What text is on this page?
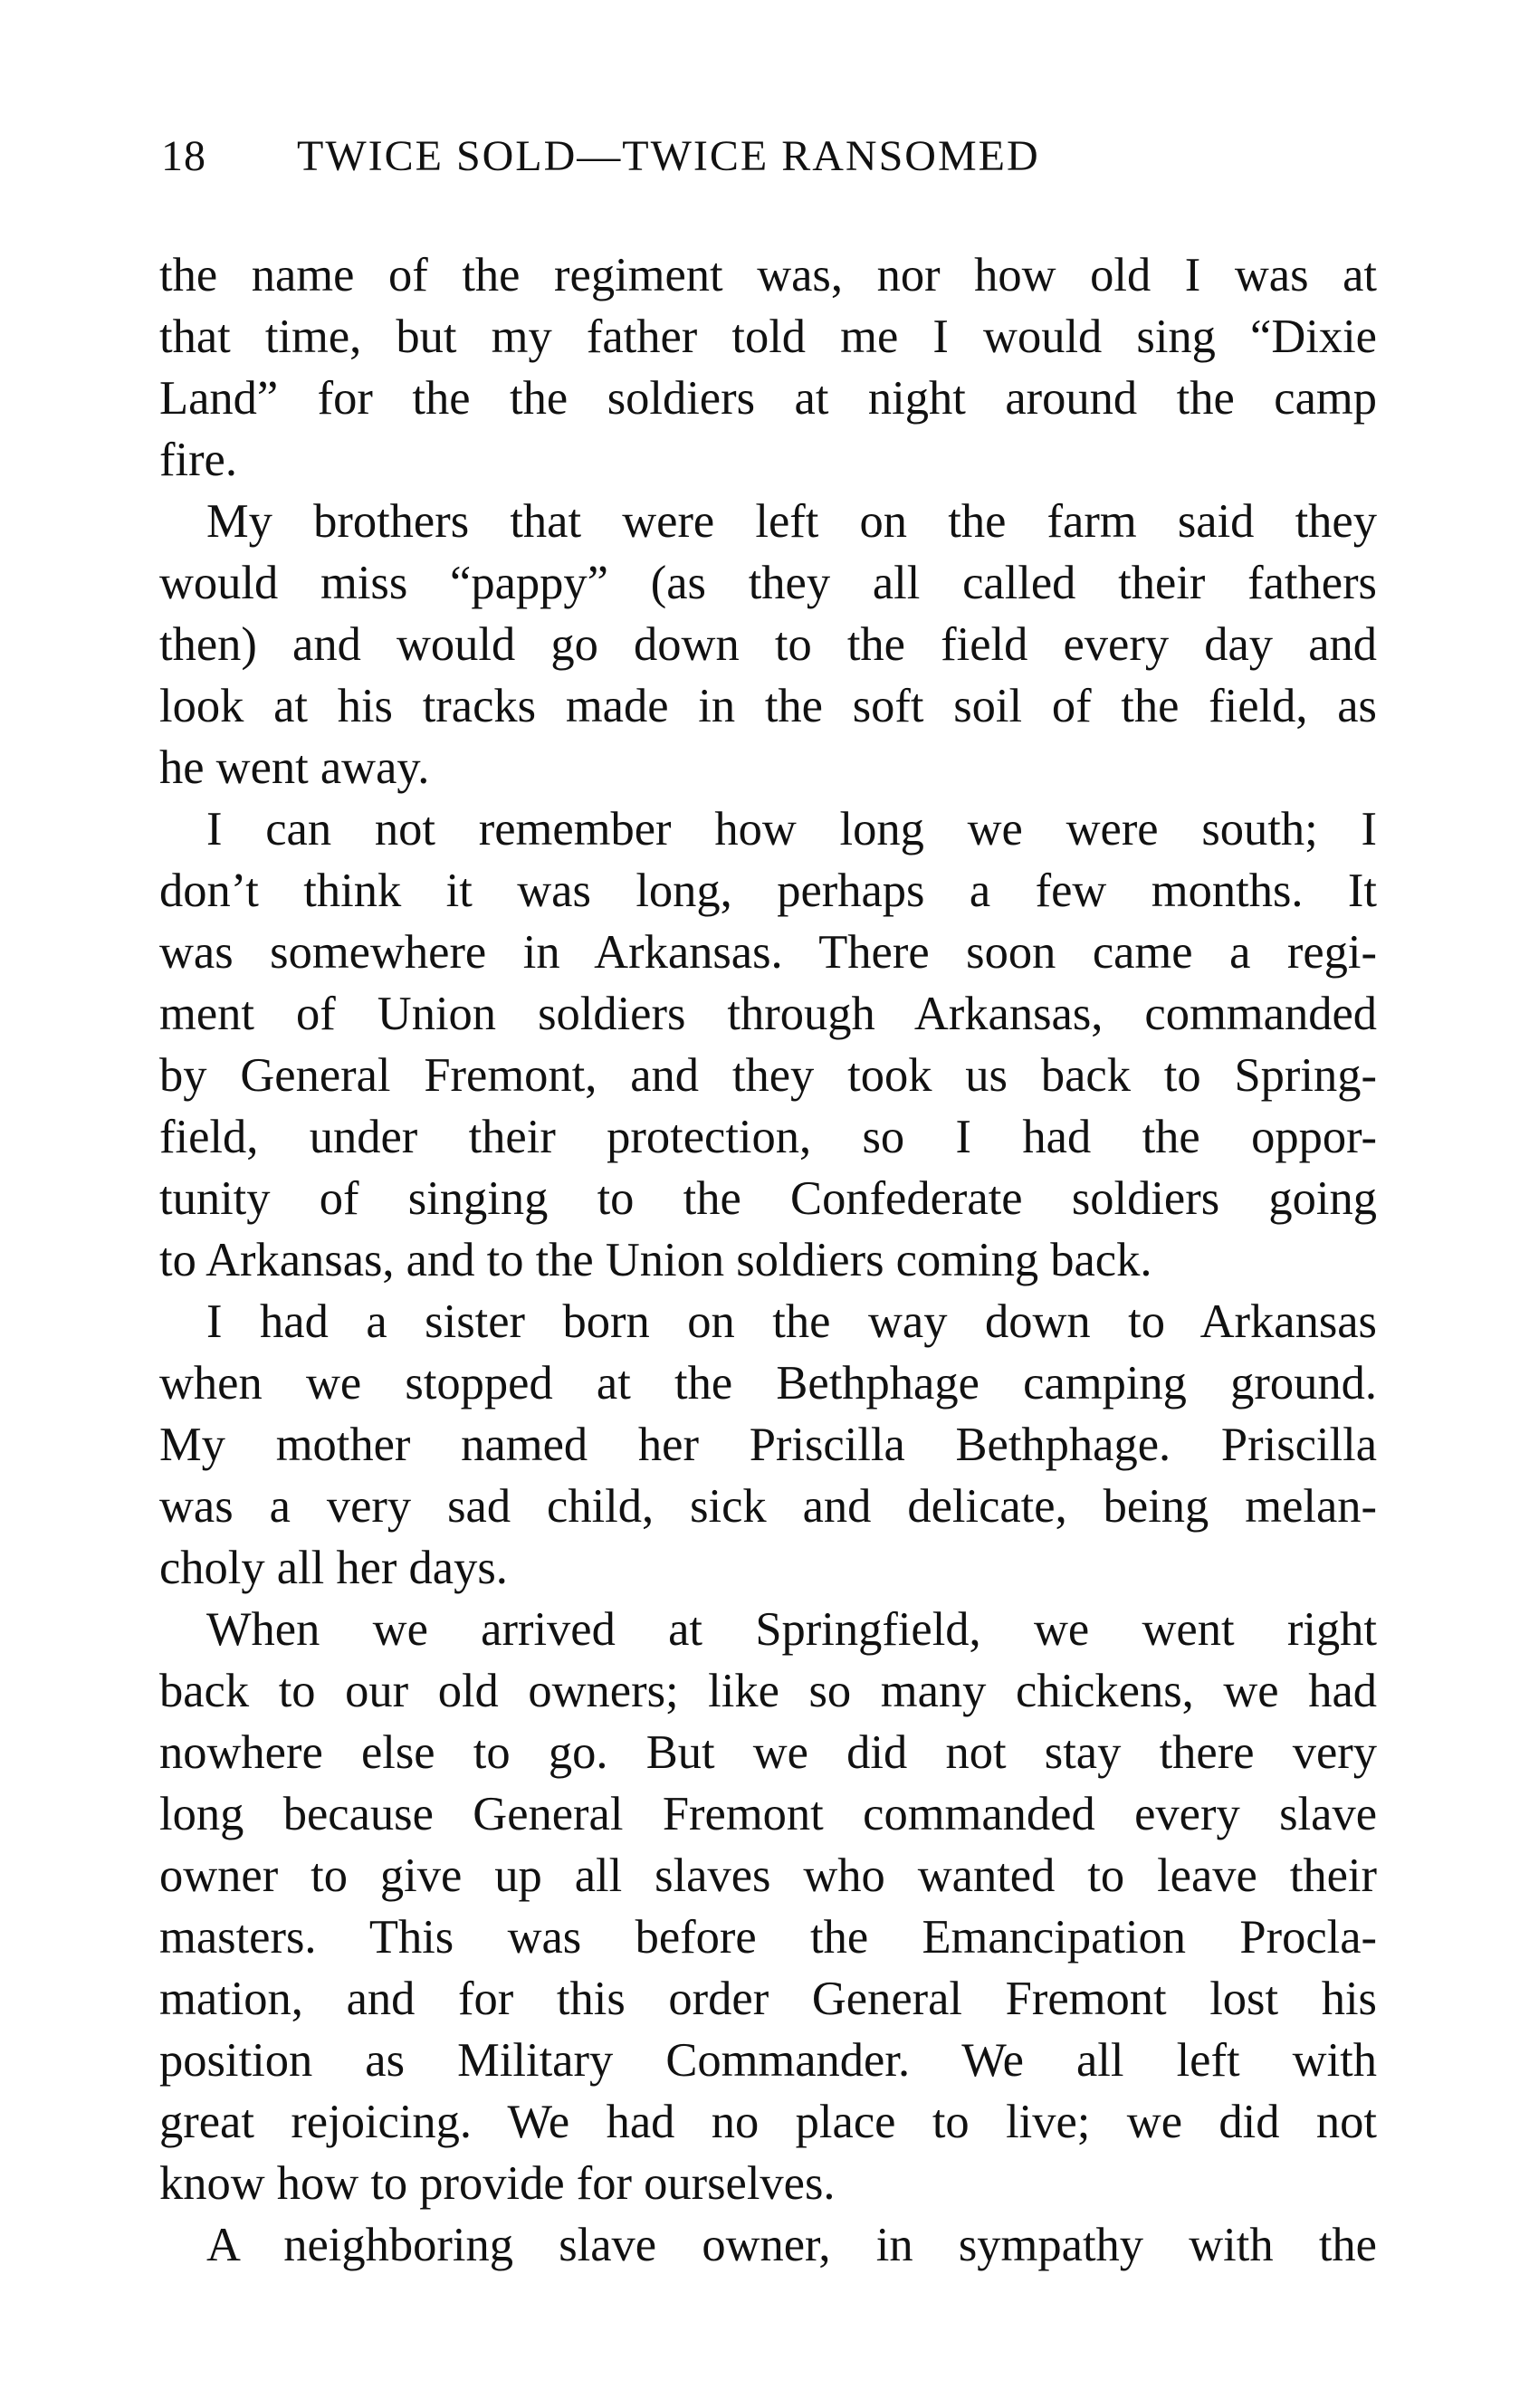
18 TWICE SOLD—TWICE RANSOMED
the name of the regiment was, nor how old I was at
that time, but my father told me I would sing “Dixie
Land” for the the soldiers at night around the camp
fire.
My brothers that were left on the farm said they
would miss “pappy” (as they all called their fathers
then) and would go down to the field every day and
look at his tracks made in the soft soil of the field, as
he went away.
I can not remember how long we were south; I
don’t think it was long, perhaps a few months. It
was somewhere in Arkansas. There soon came a regi-
ment of Union soldiers through Arkansas, commanded
by General Fremont, and they took us back to Spring-
field, under their protection, so I had the oppor-
tunity of singing to the Confederate soldiers going
to Arkansas, and to the Union soldiers coming back.
I had a sister born on the way down to Arkansas
when we stopped at the Bethphage camping ground.
My mother named her Priscilla Bethphage. Priscilla
was a very sad child, sick and delicate, being melan-
choly all her days.
When we arrived at Springfield, we went right
back to our old owners; like so many chickens, we had
nowhere else to go. But we did not stay there very
long because General Fremont commanded every slave
owner to give up all slaves who wanted to leave their
masters. This was before the Emancipation Procla-
mation, and for this order General Fremont lost his
position as Military Commander. We all left with
great rejoicing. We had no place to live; we did not
know how to provide for ourselves.
A neighboring slave owner, in sympathy with the
